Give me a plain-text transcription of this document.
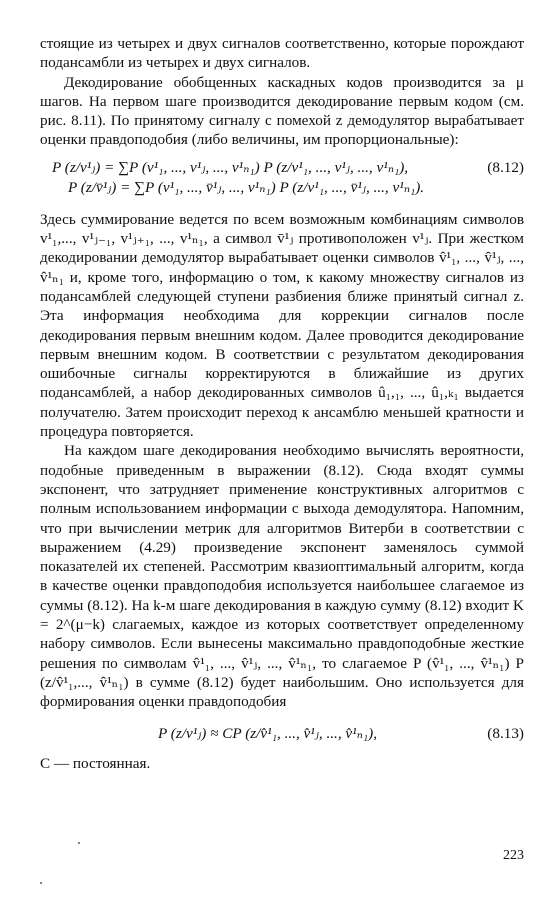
стоящие из четырех и двух сигналов соответственно, которые порождают подансамбли из четырех и двух сигналов.

Декодирование обобщенных каскадных кодов производится за μ шагов. На первом шаге производится декодирование первым кодом (см. рис. 8.11). По принятому сигналу с помехой z демодулятор вырабатывает оценки правдоподобия (либо величины, им пропорциональные):

P (z/v¹ⱼ) = ∑P (v¹₁, ..., v¹ⱼ, ..., v¹ₙ₁) P (z/v¹₁, ..., v¹ⱼ, ..., v¹ₙ₁),	(8.12)
P (z/v̄¹ⱼ) = ∑P (v¹₁, ..., v̄¹ⱼ, ..., v¹ₙ₁) P (z/v¹₁, ..., v̄¹ⱼ, ..., v¹ₙ₁).

Здесь суммирование ведется по всем возможным комбинациям символов v¹₁,..., v¹ⱼ₋₁, v¹ⱼ₊₁, ..., v¹ₙ₁, а символ v̄¹ⱼ противоположен v¹ⱼ. При жестком декодировании демодулятор вырабатывает оценки символов v̂¹₁, ..., v̂¹ⱼ, ..., v̂¹ₙ₁ и, кроме того, информацию о том, к какому множеству сигналов из подансамблей следующей ступени разбиения ближе принятый сигнал z. Эта информация необходима для коррекции сигналов после декодирования первым внешним кодом. Далее проводится декодирование первым внешним кодом. В соответствии с результатом декодирования ошибочные сигналы корректируются в ближайшие из других подансамблей, а набор декодированных символов û₁,₁, ..., û₁,ₖ₁ выдается получателю. Затем происходит переход к ансамблю меньшей кратности и процедура повторяется.

На каждом шаге декодирования необходимо вычислять вероятности, подобные приведенным в выражении (8.12). Сюда входят суммы экспонент, что затрудняет применение конструктивных алгоритмов с полным использованием информации с выхода демодулятора. Напомним, что при вычислении метрик для алгоритмов Витерби в соответствии с выражением (4.29) произведение экспонент заменялось суммой показателей их степеней. Рассмотрим квазиоптимальный алгоритм, когда в качестве оценки правдоподобия используется наибольшее слагаемое из суммы (8.12). На k-м шаге декодирования в каждую сумму (8.12) входит K = 2^(μ−k) слагаемых, каждое из которых соответствует определенному набору символов. Если вынесены максимально правдоподобные жесткие решения по символам v̂¹₁, ..., v̂¹ⱼ, ..., v̂¹ₙ₁, то слагаемое P (v̂¹₁, ..., v̂¹ₙ₁) P (z/v̂¹₁,..., v̂¹ₙ₁) в сумме (8.12) будет наибольшим. Оно используется для формирования оценки правдоподобия

P (z/v¹ⱼ) ≈ CP (z/v̂¹₁, ..., v̂¹ⱼ, ..., v̂¹ₙ₁),	(8.13)

C — постоянная.

223
